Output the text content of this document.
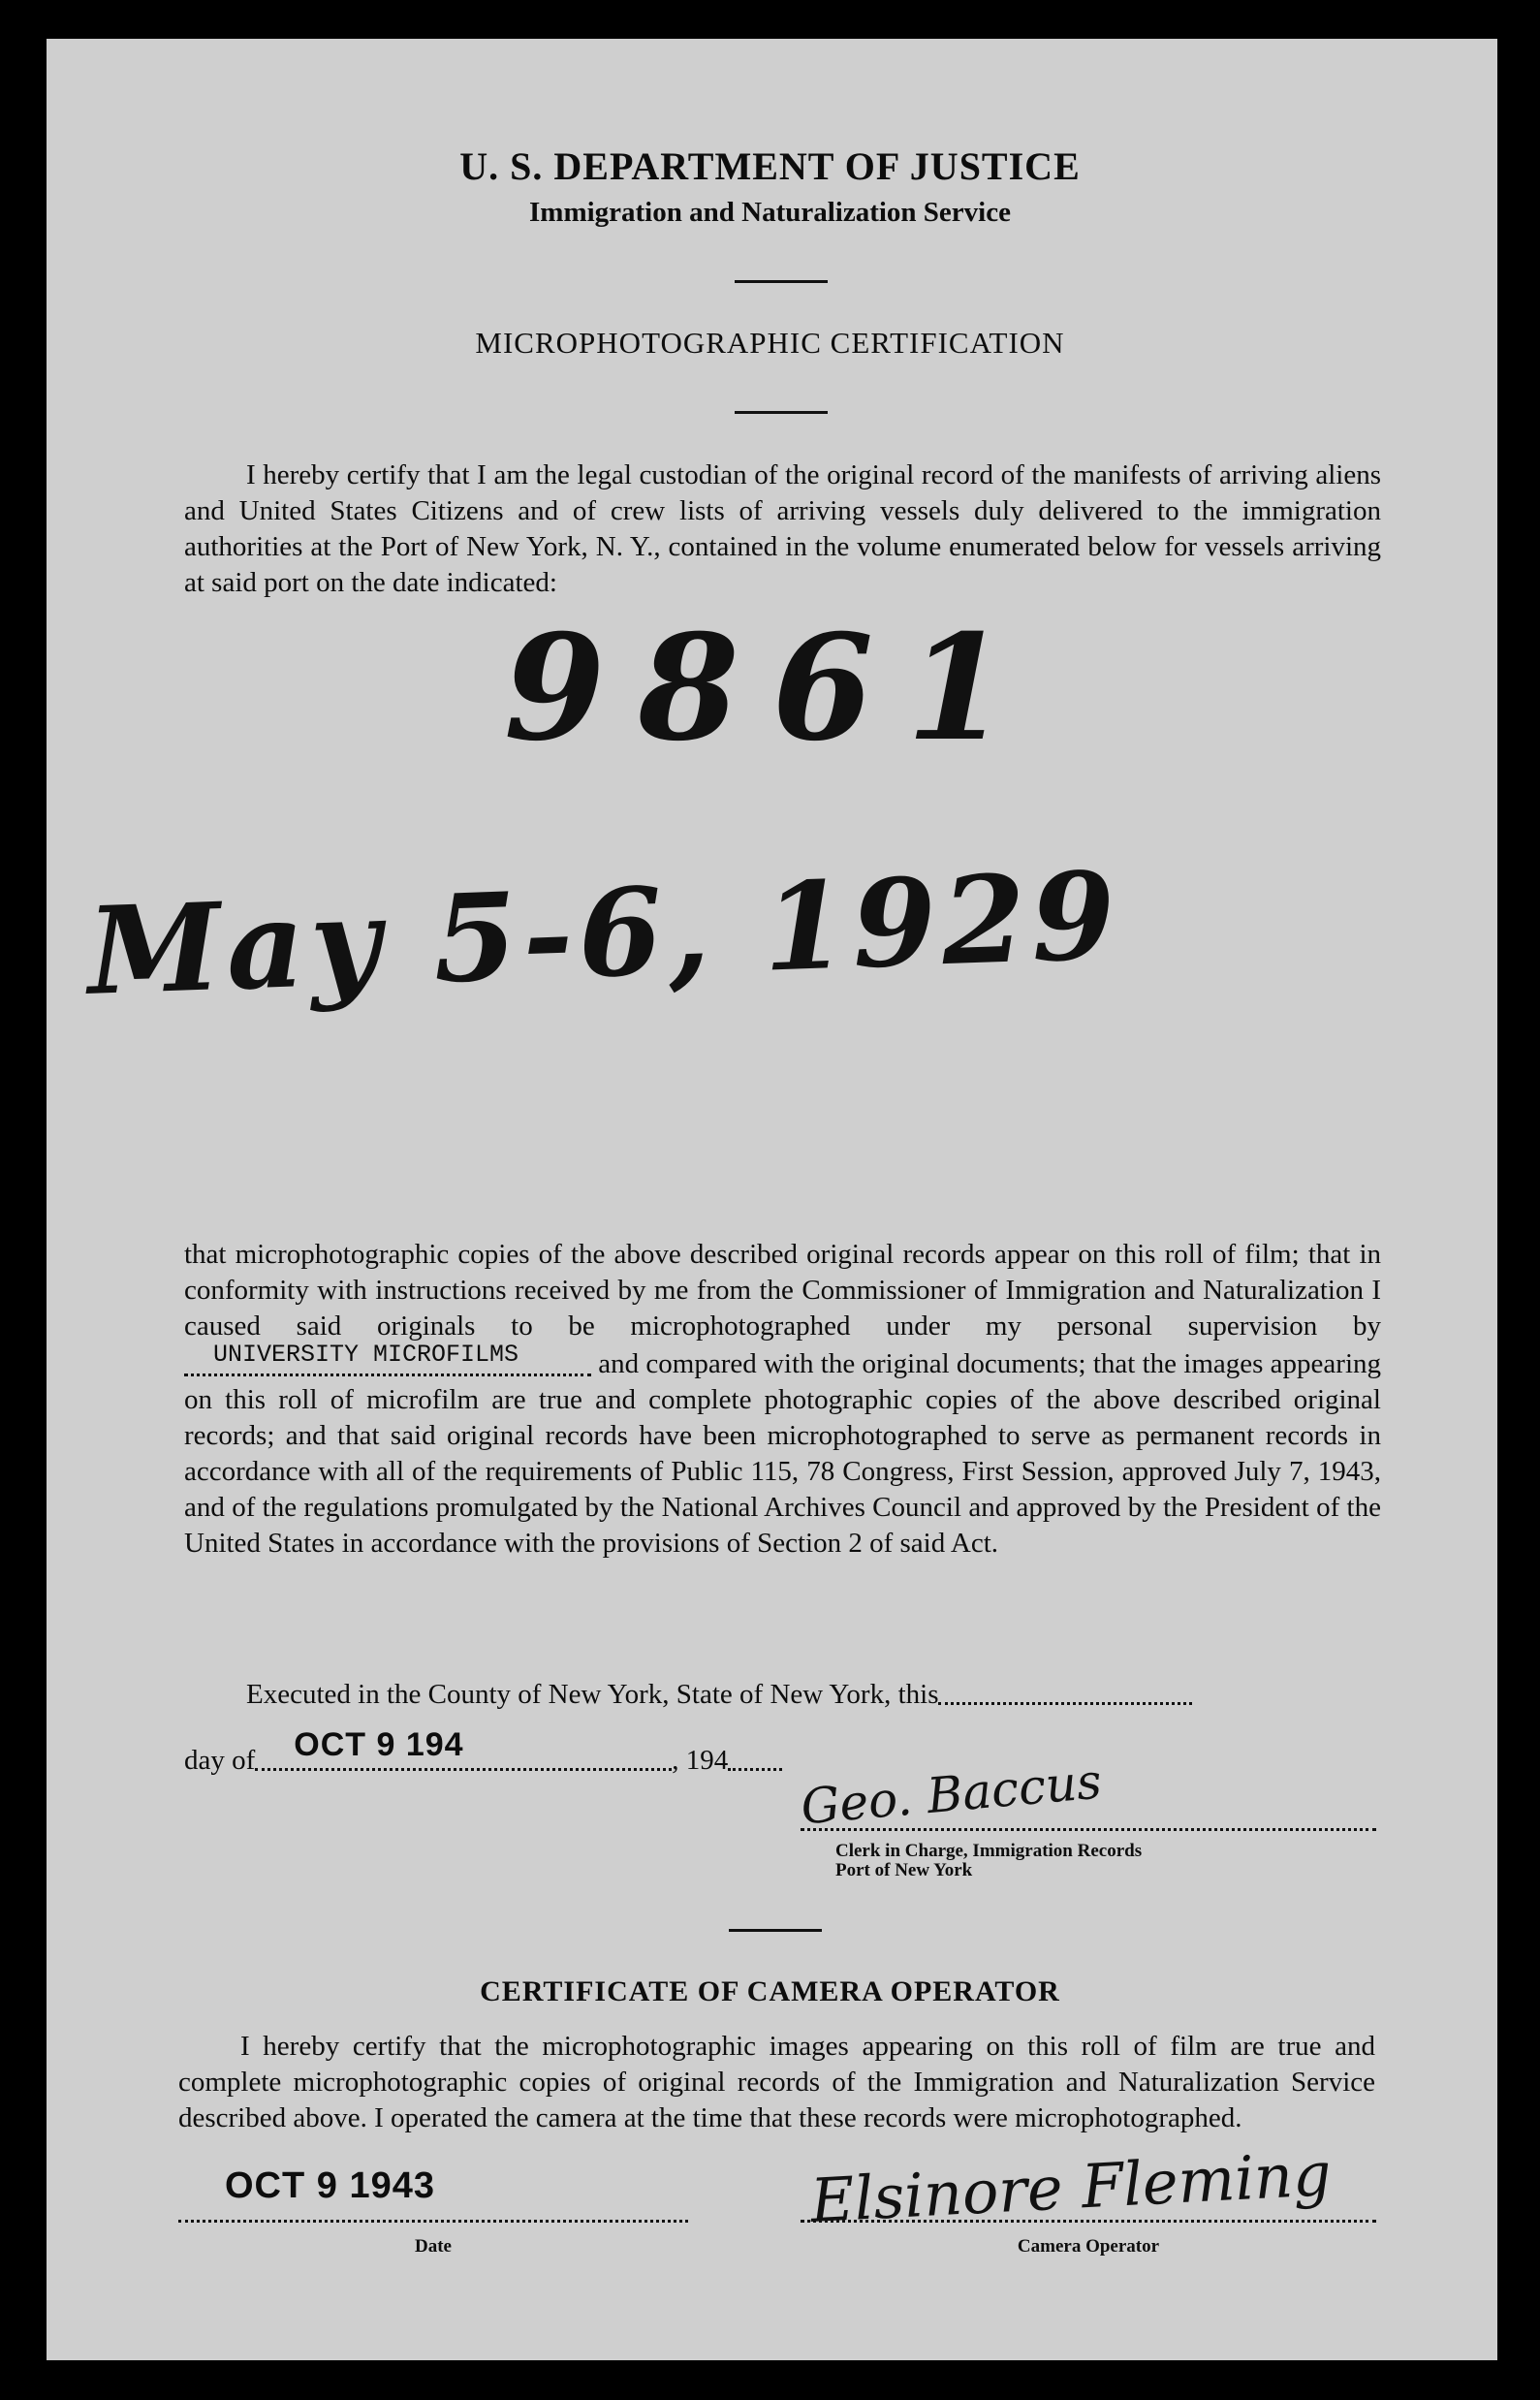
U. S. DEPARTMENT OF JUSTICE
Immigration and Naturalization Service
MICROPHOTOGRAPHIC CERTIFICATION

I hereby certify that I am the legal custodian of the original record of the manifests of arriving aliens and United States Citizens and of crew lists of arriving vessels duly delivered to the immigration authorities at the Port of New York, N. Y., contained in the volume enumerated below for vessels arriving at said port on the date indicated:

9861
May 5-6, 1929

that microphotographic copies of the above described original records appear on this roll of film; that in conformity with instructions received by me from the Commissioner of Immigration and Naturalization I caused said originals to be microphotographed under my personal supervision by
UNIVERSITY MICROFILMS	and compared with the original documents; that the images appearing on this roll of microfilm are true and complete photographic copies of the above described original records; and that said original records have been microphotographed to serve as permanent records in accordance with all of the requirements of Public 115, 78 Congress, First Session, approved July 7, 1943, and of the regulations promulgated by the National Archives Council and approved by the President of the United States in accordance with the provisions of Section 2 of said Act.

Executed in the County of New York, State of New York, this
day of OCT 9 194	, 194	Geo. Baccus
Clerk in Charge, Immigration Records
Port of New York
CERTIFICATE OF CAMERA OPERATOR

I hereby certify that the microphotographic images appearing on this roll of film are true and complete microphotographic copies of original records of the Immigration and Naturalization Service described above. I operated the camera at the time that these records were microphotographed.

OCT 9 1943
Date
Elsinore Fleming
Camera Operator
